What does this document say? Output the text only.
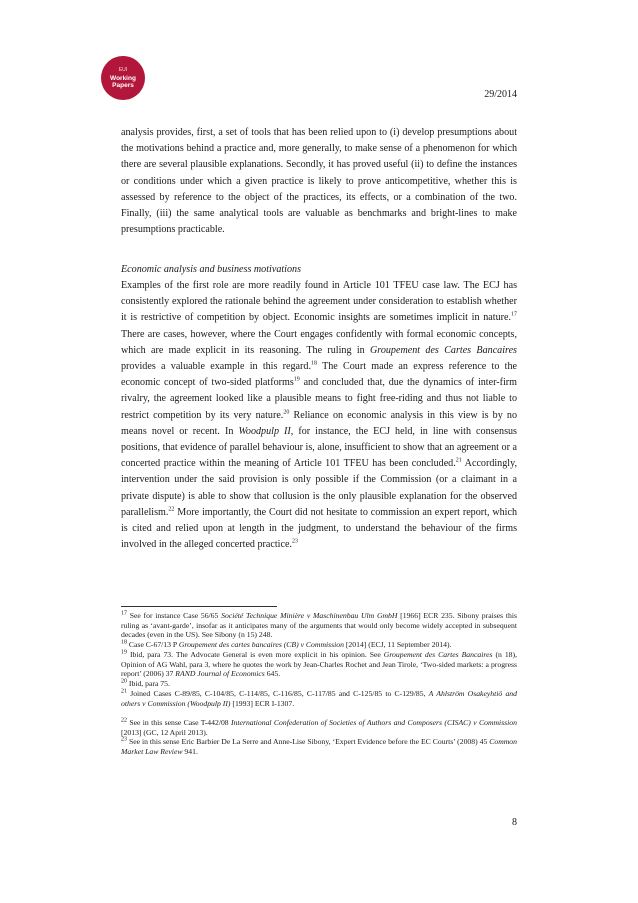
EUI
Working
Papers
29/2014

analysis provides, first, a set of tools that has been relied upon to (i) develop presumptions about the motivations behind a practice and, more generally, to make sense of a phenomenon for which there are several plausible explanations. Secondly, it has proved useful (ii) to define the instances or conditions under which a given practice is likely to prove anticompetitive, whether this is assessed by reference to the object of the practices, its effects, or a combination of the two. Finally, (iii) the same analytical tools are valuable as benchmarks and bright-lines to make presumptions practicable.

Economic analysis and business motivations

Examples of the first role are more readily found in Article 101 TFEU case law. The ECJ has consistently explored the rationale behind the agreement under consideration to establish whether it is restrictive of competition by object. Economic insights are sometimes implicit in nature.$^{17}$ There are cases, however, where the Court engages confidently with formal economic concepts, which are made explicit in its reasoning. The ruling in Groupement des Cartes Bancaires provides a valuable example in this regard.$^{18}$ The Court made an express reference to the economic concept of two-sided platforms$^{19}$ and concluded that, due the dynamics of inter-firm rivalry, the agreement looked like a plausible means to fight free-riding and thus not liable to restrict competition by its very nature.$^{20}$ Reliance on economic analysis in this view is by no means novel or recent. In Woodpulp II, for instance, the ECJ held, in line with consensus positions, that evidence of parallel behaviour is, alone, insufficient to show that an agreement or a concerted practice within the meaning of Article 101 TFEU has been concluded.$^{21}$ Accordingly, intervention under the said provision is only possible if the Commission (or a claimant in a private dispute) is able to show that collusion is the only plausible explanation for the observed parallelism.$^{22}$ More importantly, the Court did not hesitate to commission an expert report, which is cited and relied upon at length in the judgment, to understand the behaviour of the firms involved in the alleged concerted practice.$^{23}$

$^{17}$ See for instance Case 56/65 Société Technique Minière v Maschinenbau Ulm GmbH [1966] ECR 235. Sibony praises this ruling as ‘avant-garde’, insofar as it anticipates many of the arguments that would only become widely accepted in subsequent decades (even in the US). See Sibony (n 15) 248.

$^{18}$ Case C-67/13 P Groupement des cartes bancaires (CB) v Commission [2014] (ECJ, 11 September 2014).

$^{19}$ Ibid, para 73. The Advocate General is even more explicit in his opinion. See Groupement des Cartes Bancaires (n 18), Opinion of AG Wahl, para 3, where he quotes the work by Jean-Charles Rochet and Jean Tirole, ‘Two-sided markets: a progress report’ (2006) 37 RAND Journal of Economics 645.

$^{20}$ Ibid, para 75.

$^{21}$ Joined Cases C-89/85, C-104/85, C-114/85, C-116/85, C-117/85 and C-125/85 to C-129/85, A Ahlström Osakeyhtiö and others v Commission (Woodpulp II) [1993] ECR I-1307.

$^{22}$ See in this sense Case T-442/08 International Confederation of Societies of Authors and Composers (CISAC) v Commission [2013] (GC, 12 April 2013).

$^{23}$ See in this sense Eric Barbier De La Serre and Anne-Lise Sibony, ‘Expert Evidence before the EC Courts’ (2008) 45 Common Market Law Review 941.

8
